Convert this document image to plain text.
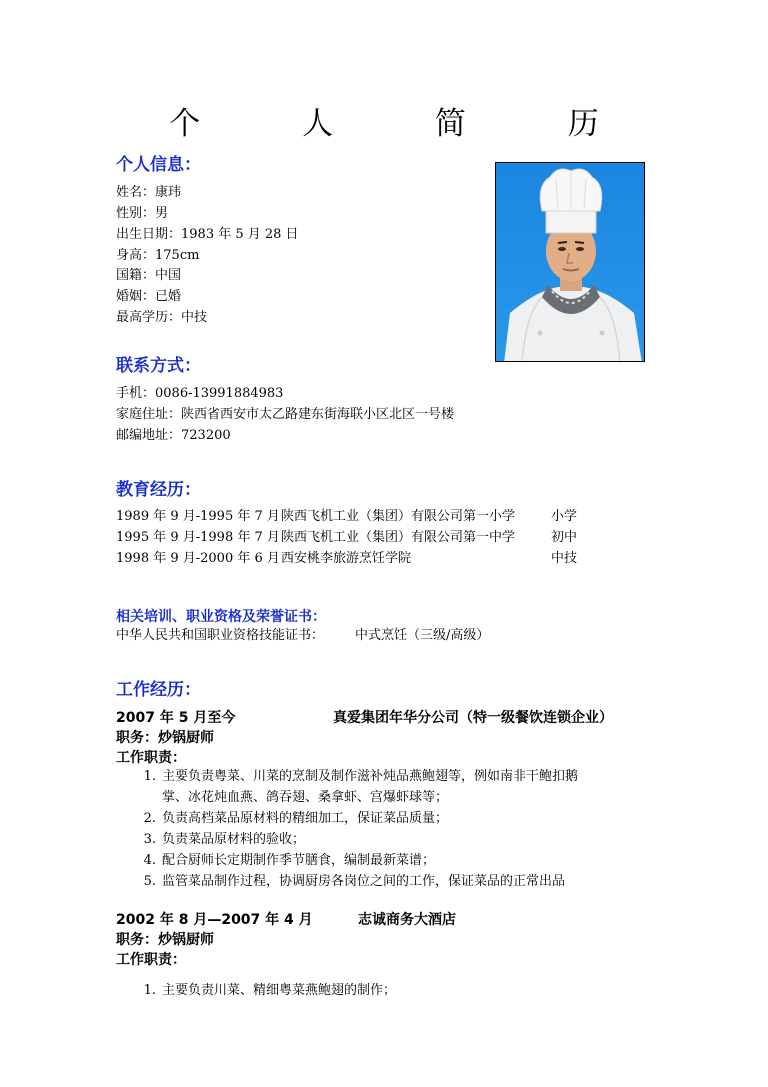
个 人 简 历
个人信息：
姓名：康玮
性别：男
出生日期：1983 年 5 月 28 日
身高：175cm
国籍：中国
婚姻：已婚
最高学历：中技
联系方式：
手机：0086-13991884983
家庭住址：陕西省西安市太乙路建东街海联小区北区一号楼
邮编地址：723200
教育经历：
1989 年 9 月-1995 年 7 月 陕西飞机工业（集团）有限公司第一小学	小学
1995 年 9 月-1998 年 7 月 陕西飞机工业（集团）有限公司第一中学	初中
1998 年 9 月-2000 年 6 月 西安桃李旅游烹饪学院	中技
相关培训、职业资格及荣誉证书：
中华人民共和国职业资格技能证书： 中式烹饪（三级/高级）
工作经历：
2007 年 5 月至今	真爱集团年华分公司（特一级餐饮连锁企业）
职务：炒锅厨师
工作职责：
1. 主要负责粤菜、川菜的烹制及制作滋补炖品燕鲍翅等，例如南非干鲍扣鹅
掌、冰花炖血燕、鸽吞翅、桑拿虾、宫爆虾球等；
2. 负责高档菜品原材料的精细加工，保证菜品质量；
3. 负责菜品原材料的验收；
4. 配合厨师长定期制作季节膳食，编制最新菜谱；
5. 监管菜品制作过程，协调厨房各岗位之间的工作，保证菜品的正常出品
2002 年 8 月—2007 年 4 月	志诚商务大酒店
职务：炒锅厨师
工作职责：
1. 主要负责川菜、精细粤菜燕鲍翅的制作；
